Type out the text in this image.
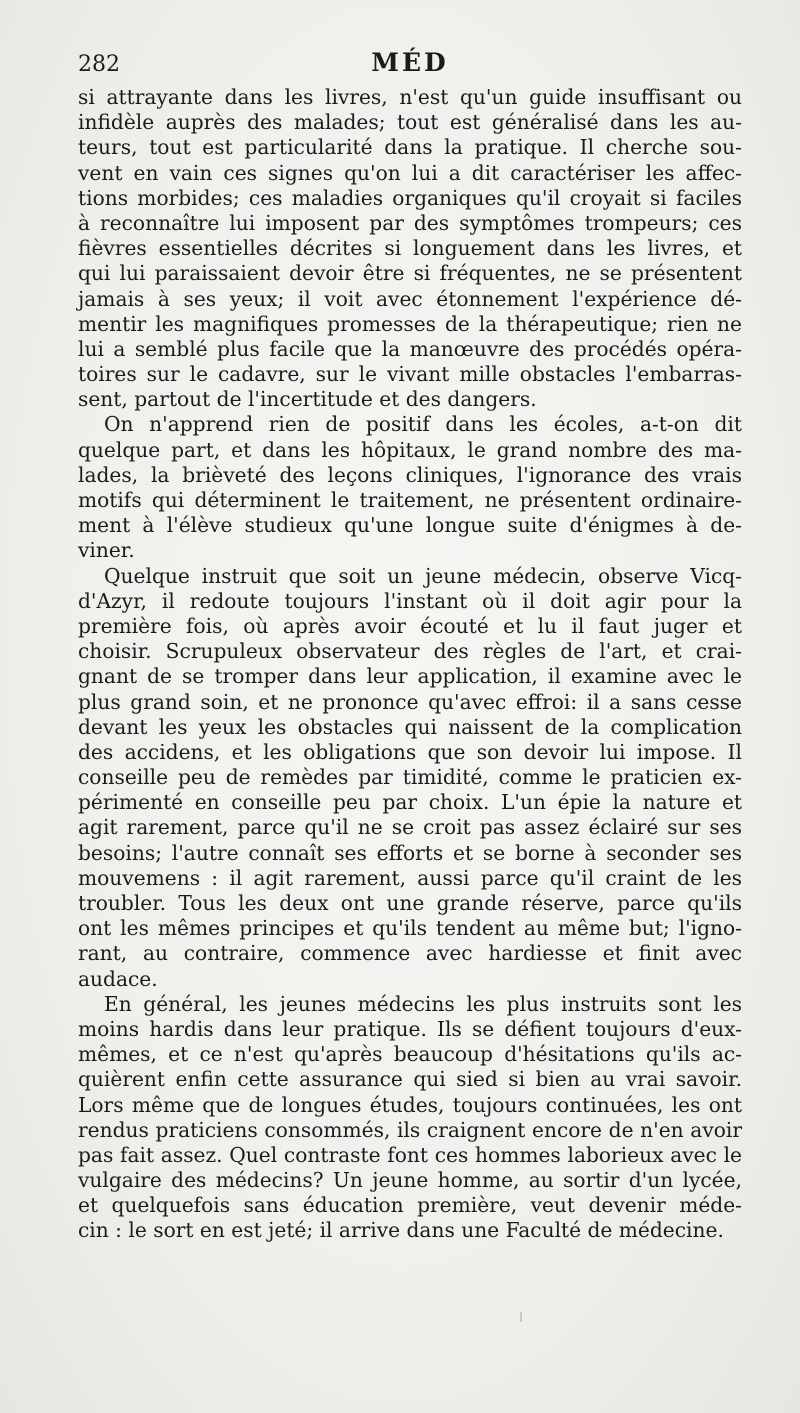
282	MÉD
si attrayante dans les livres, n'est qu'un guide insuffisant ou
infidèle auprès des malades; tout est généralisé dans les au-
teurs, tout est particularité dans la pratique. Il cherche sou-
vent en vain ces signes qu'on lui a dit caractériser les affec-
tions morbides; ces maladies organiques qu'il croyait si faciles
à reconnaître lui imposent par des symptômes trompeurs; ces
fièvres essentielles décrites si longuement dans les livres, et
qui lui paraissaient devoir être si fréquentes, ne se présentent
jamais à ses yeux; il voit avec étonnement l'expérience dé-
mentir les magnifiques promesses de la thérapeutique; rien ne
lui a semblé plus facile que la manœuvre des procédés opéra-
toires sur le cadavre, sur le vivant mille obstacles l'embarras-
sent, partout de l'incertitude et des dangers.
On n'apprend rien de positif dans les écoles, a-t-on dit
quelque part, et dans les hôpitaux, le grand nombre des ma-
lades, la brièveté des leçons cliniques, l'ignorance des vrais
motifs qui déterminent le traitement, ne présentent ordinaire-
ment à l'élève studieux qu'une longue suite d'énigmes à de-
viner.
Quelque instruit que soit un jeune médecin, observe Vicq-
d'Azyr, il redoute toujours l'instant où il doit agir pour la
première fois, où après avoir écouté et lu il faut juger et
choisir. Scrupuleux observateur des règles de l'art, et crai-
gnant de se tromper dans leur application, il examine avec le
plus grand soin, et ne prononce qu'avec effroi: il a sans cesse
devant les yeux les obstacles qui naissent de la complication
des accidens, et les obligations que son devoir lui impose. Il
conseille peu de remèdes par timidité, comme le praticien ex-
périmenté en conseille peu par choix. L'un épie la nature et
agit rarement, parce qu'il ne se croit pas assez éclairé sur ses
besoins; l'autre connaît ses efforts et se borne à seconder ses
mouvemens : il agit rarement, aussi parce qu'il craint de les
troubler. Tous les deux ont une grande réserve, parce qu'ils
ont les mêmes principes et qu'ils tendent au même but; l'igno-
rant, au contraire, commence avec hardiesse et finit avec
audace.
En général, les jeunes médecins les plus instruits sont les
moins hardis dans leur pratique. Ils se défient toujours d'eux-
mêmes, et ce n'est qu'après beaucoup d'hésitations qu'ils ac-
quièrent enfin cette assurance qui sied si bien au vrai savoir.
Lors même que de longues études, toujours continuées, les ont
rendus praticiens consommés, ils craignent encore de n'en avoir
pas fait assez. Quel contraste font ces hommes laborieux avec le
vulgaire des médecins? Un jeune homme, au sortir d'un lycée,
et quelquefois sans éducation première, veut devenir méde-
cin : le sort en est jeté; il arrive dans une Faculté de médecine.
